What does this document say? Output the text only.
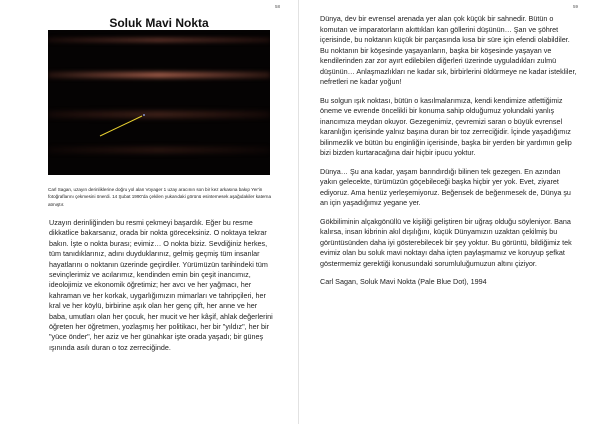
58
Soluk Mavi Nokta
Carl Sagan, uzayın derinliklerine doğru yol alan Voyager 1 uzay aracının son bir kez arkasına bakıp Yer'in fotoğraflarını çekmesini önerdi. 14 Şubat 1990'da çekilen yukarıdaki görünü esintemesek aşağıdakiler katerna atmıştır.
Uzayın derinliğinden bu resmi çekmeyi başardık. Eğer bu resme dikkatlice bakarsanız, orada bir nokta göreceksiniz. O noktaya tekrar bakın. İşte o nokta burası; evimiz… O nokta biziz. Sevdiğiniz herkes, tüm tanıdıklarınız, adını duyduklarınız, gelmiş geçmiş tüm insanlar hayatlarını o noktanın üzerinde geçirdiler. Yürümüzün tarihindeki tüm sevinçlerimiz ve acılarımız, kendinden emin bin çeşit inancımız, ideolojimiz ve ekonomik öğretimiz; her avcı ve her yağmacı, her kahraman ve her korkak, uygarlığımızın mimarları ve tahripçileri, her kral ve her köylü, birbirine aşık olan her genç çift, her anne ve her baba, umutları olan her çocuk, her mucit ve her kâşif, ahlak değerlerini öğreten her öğretmen, yozlaşmış her politikacı, her bir "yıldız", her bir "yüce önder", her aziz ve her günahkar işte orada yaşadı; bir güneş ışınında asılı duran o toz zerreciğinde.
59

Dünya, dev bir evrensel arenada yer alan çok küçük bir sahnedir. Bütün o komutan ve imparatorların akıttıkları kan göllerini düşünün… Şan ve şöhret içerisinde, bu noktanın küçük bir parçasında kısa bir süre için efendi olabildiler. Bu noktanın bir köşesinde yaşayanların, başka bir köşesinde yaşayan ve kendilerinden zar zor ayırt edilebilen diğerleri üzerinde uyguladıkları zulmü düşünün… Anlaşmazlıkları ne kadar sık, birbirlerini öldürmeye ne kadar istekliler, nefretleri ne kadar yoğun!

Bu solgun ışık noktası, bütün o kasılmalarımıza, kendi kendimize atfettiğimiz öneme ve evrende öncelikli bir konuma sahip olduğumuz yolundaki yanlış inancımıza meydan okuyor. Gezegenimiz, çevremizi saran o büyük evrensel karanlığın içerisinde yalnız başına duran bir toz zerreciğidir. İçinde yaşadığımız bilinmezlik ve bütün bu enginliğin içerisinde, başka bir yerden bir yardımın gelip bizi bizden kurtaracağına dair hiçbir ipucu yoktur.

Dünya… Şu ana kadar, yaşam barındırdığı bilinen tek gezegen. En azından yakın gelecekte, türümüzün göçebileceği başka hiçbir yer yok. Evet, ziyaret ediyoruz. Ama henüz yerleşemiyoruz. Beğensek de beğenmesek de, Dünya şu an için yaşadığımız yegane yer.

Gökbiliminin alçakgönüllü ve kişiliği geliştiren bir uğraş olduğu söyleniyor. Bana kalırsa, insan kibrinin akıl dışılığını, küçük Dünyamızın uzaktan çekilmiş bu görüntüsünden daha iyi gösterebilecek bir şey yoktur. Bu görüntü, bildiğimiz tek evimiz olan bu soluk mavi noktayı daha içten paylaşmamız ve koruyup şefkat göstermemiz gerektiği konusundaki sorumluluğumuzun altını çiziyor.

Carl Sagan, Soluk Mavi Nokta (Pale Blue Dot), 1994
